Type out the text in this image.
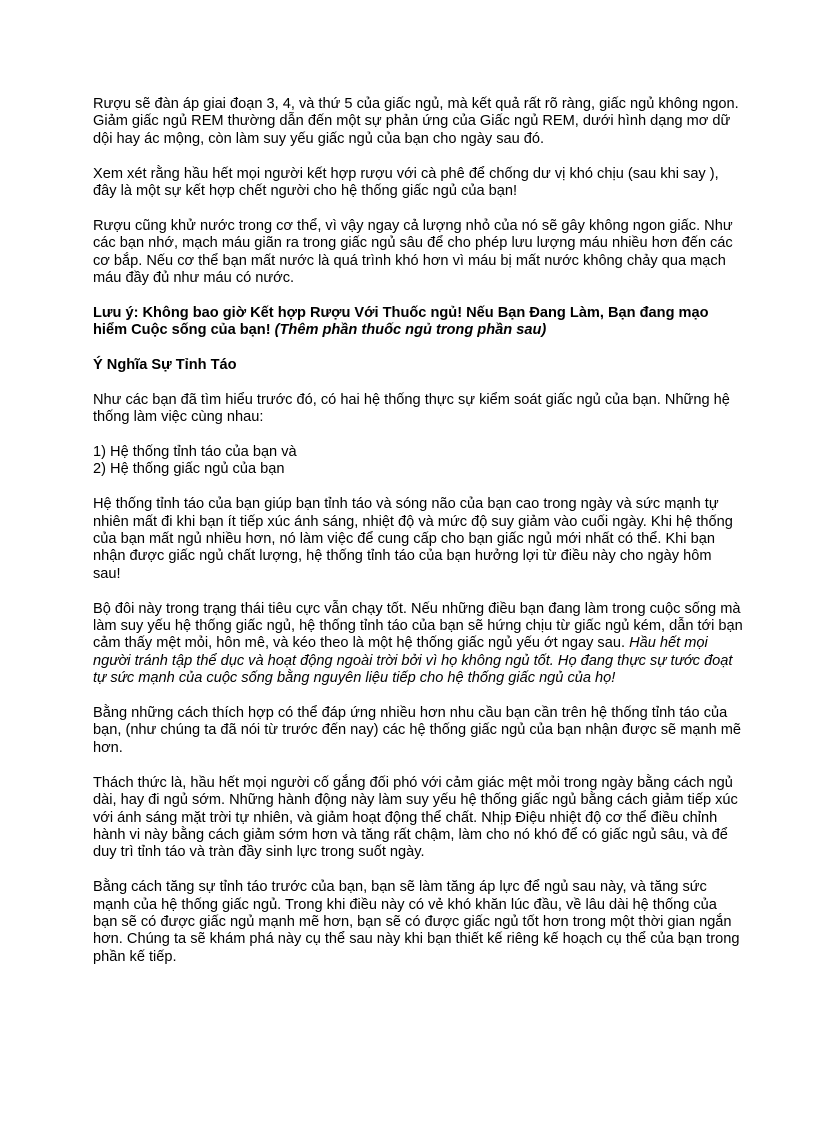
Rượu sẽ đàn áp giai đoạn 3, 4, và thứ 5 của giấc ngủ, mà kết quả rất rõ ràng, giấc ngủ không ngon. Giảm giấc ngủ REM thường dẫn đến một sự phản ứng của Giấc ngủ REM, dưới hình dạng mơ dữ dội hay ác mộng, còn làm suy yếu giấc ngủ của bạn cho ngày sau đó.

Xem xét rằng hầu hết mọi người kết hợp rượu với cà phê để chống dư vị khó chịu (sau khi say ), đây là một sự kết hợp chết người cho hệ thống giấc ngủ của bạn!

Rượu cũng khử nước trong cơ thể, vì vậy ngay cả lượng nhỏ của nó sẽ gây không ngon giấc. Như các bạn nhớ, mạch máu giãn ra trong giấc ngủ sâu để cho phép lưu lượng máu nhiều hơn đến các cơ bắp. Nếu cơ thể bạn mất nước là quá trình khó hơn vì máu bị mất nước không chảy qua mạch máu đầy đủ như máu có nước.

Lưu ý: Không bao giờ Kết hợp Rượu Với Thuốc ngủ! Nếu Bạn Đang Làm, Bạn đang mạo hiểm Cuộc sống của bạn! (Thêm phần thuốc ngủ trong phần sau)

Ý Nghĩa Sự Tỉnh Táo

Như các bạn đã tìm hiểu trước đó, có hai hệ thống thực sự kiểm soát giấc ngủ của bạn. Những hệ thống làm việc cùng nhau:

1) Hệ thống tỉnh táo của bạn và

2) Hệ thống giấc ngủ của bạn

Hệ thống tỉnh táo của bạn giúp bạn tỉnh táo và sóng não của bạn cao trong ngày và sức mạnh tự nhiên mất đi khi bạn ít tiếp xúc ánh sáng, nhiệt độ và mức độ suy giảm vào cuối ngày. Khi hệ thống của bạn mất ngủ nhiều hơn, nó làm việc để cung cấp cho bạn giấc ngủ mới nhất có thể. Khi bạn nhận được giấc ngủ chất lượng, hệ thống tỉnh táo của bạn hưởng lợi từ điều này cho ngày hôm sau!

Bộ đôi này trong trạng thái tiêu cực vẫn chạy tốt. Nếu những điều bạn đang làm trong cuộc sống mà làm suy yếu hệ thống giấc ngủ, hệ thống tỉnh táo của bạn sẽ hứng chịu từ giấc ngủ kém, dẫn tới bạn cảm thấy mệt mỏi, hôn mê, và kéo theo là một hệ thống giấc ngủ yếu ớt ngay sau. Hầu hết mọi người tránh tập thể dục và hoạt động ngoài trời bởi vì họ không ngủ tốt. Họ đang thực sự tước đoạt tự sức mạnh của cuộc sống bằng nguyên liệu tiếp cho hệ thống giấc ngủ của họ!

Bằng những cách thích hợp có thể đáp ứng nhiều hơn nhu cầu bạn cần trên hệ thống tỉnh táo của bạn, (như chúng ta đã nói từ trước đến nay) các hệ thống giấc ngủ của bạn nhận được sẽ mạnh mẽ hơn.

Thách thức là, hầu hết mọi người cố gắng đối phó với cảm giác mệt mỏi trong ngày bằng cách ngủ dài, hay đi ngủ sớm. Những hành động này làm suy yếu hệ thống giấc ngủ bằng cách giảm tiếp xúc với ánh sáng mặt trời tự nhiên, và giảm hoạt động thể chất. Nhịp Điệu nhiệt độ cơ thể điều chỉnh hành vi này bằng cách giảm sớm hơn và tăng rất chậm, làm cho nó khó để có giấc ngủ sâu, và để duy trì tỉnh táo và tràn đầy sinh lực trong suốt ngày.

Bằng cách tăng sự tỉnh táo trước của bạn, bạn sẽ làm tăng áp lực để ngủ sau này, và tăng sức mạnh của hệ thống giấc ngủ. Trong khi điều này có vẻ khó khăn lúc đầu, về lâu dài hệ thống của bạn sẽ có được giấc ngủ mạnh mẽ hơn, bạn sẽ có được giấc ngủ tốt hơn trong một thời gian ngắn hơn. Chúng ta sẽ khám phá này cụ thể sau này khi bạn thiết kế riêng kế hoạch cụ thể của bạn trong phần kế tiếp.
